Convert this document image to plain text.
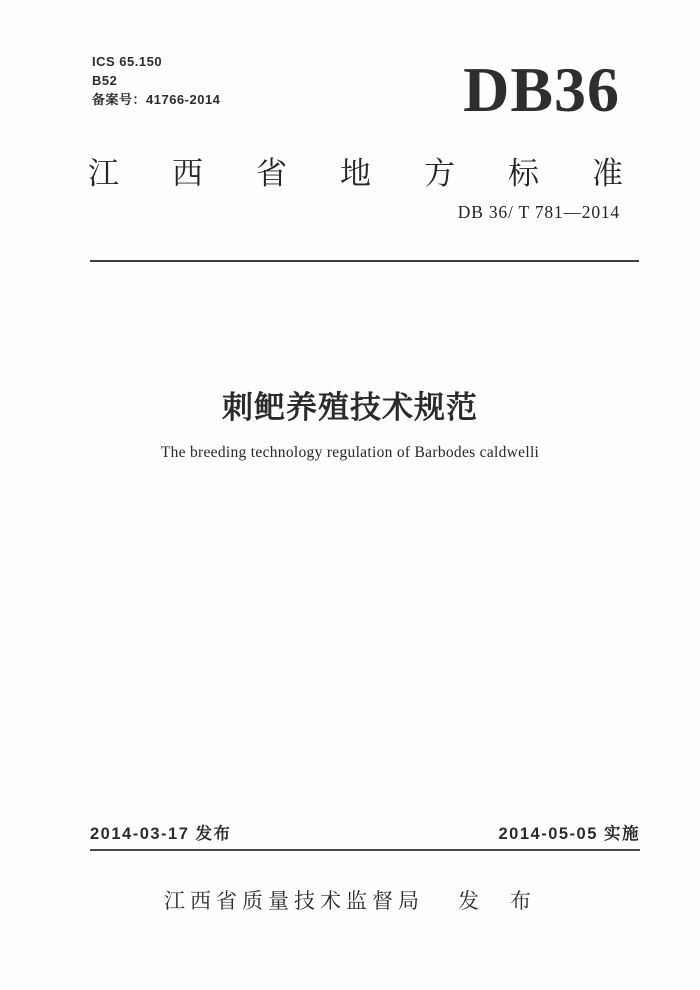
ICS 65.150
B52
备案号：41766-2014	DB36
江西省地方标准
DB 36/ T 781—2014
刺鲃养殖技术规范
The breeding technology regulation of Barbodes caldwelli
2014-03-17 发布	2014-05-05 实施
江西省质量技术监督局 发　布
